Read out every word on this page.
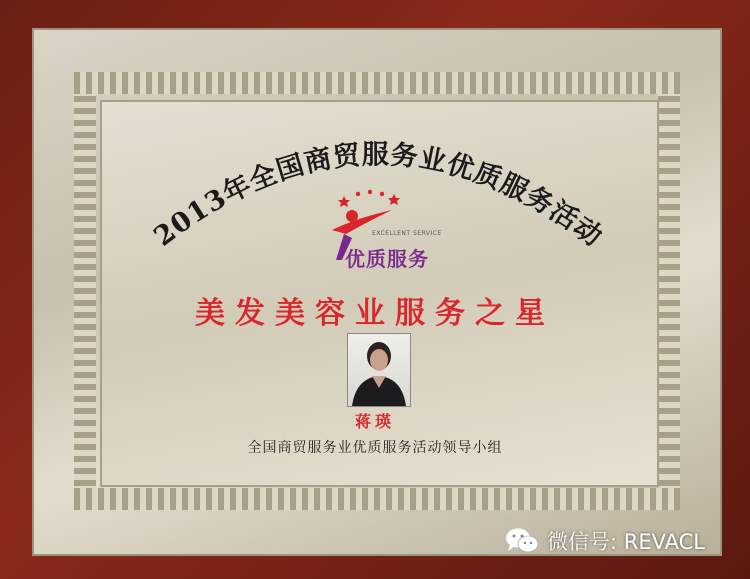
2013年全国商贸服务业优质服务活动
EXCELLENT SERVICE
优质服务
美发美容业服务之星
蒋瑛
全国商贸服务业优质服务活动领导小组
微信号: REVACL
